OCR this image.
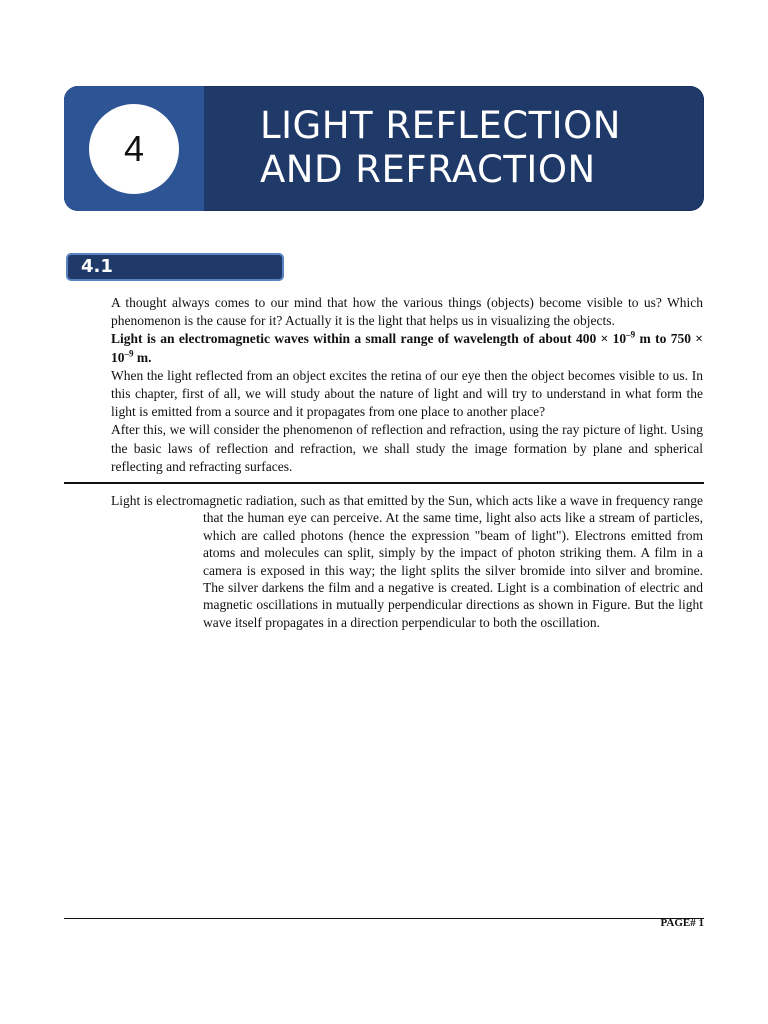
4
LIGHT REFLECTION
AND REFRACTION
4.1 INTRODUCTION

A thought always comes to our mind that how the various things (objects) become visible to us? Which phenomenon is the cause for it? Actually it is the light that helps us in visualizing the objects.

Light is an electromagnetic waves within a small range of wavelength of about $400 \times 10^{-9}$ m to $750 \times 10^{-9}$ m.

When the light reflected from an object excites the retina of our eye then the object becomes visible to us. In this chapter, first of all, we will study about the nature of light and will try to understand in what form the light is emitted from a source and it propagates from one place to another place?

After this, we will consider the phenomenon of reflection and refraction, using the ray picture of light. Using the basic laws of reflection and refraction, we shall study the image formation by plane and spherical reflecting and refracting surfaces.

Light is electromagnetic radiation, such as that emitted by the Sun, which acts like a wave in frequency range that the human eye can perceive. At the same time, light also acts like a stream of particles, which are called photons (hence the expression "beam of light"). Electrons emitted from atoms and molecules can split, simply by the impact of photon striking them. A film in a camera is exposed in this way; the light splits the silver bromide into silver and bromine. The silver darkens the film and a negative is created. Light is a combination of electric and magnetic oscillations in mutually perpendicular directions as shown in Figure. But the light wave itself propagates in a direction perpendicular to both the oscillation.

PAGE# 1
